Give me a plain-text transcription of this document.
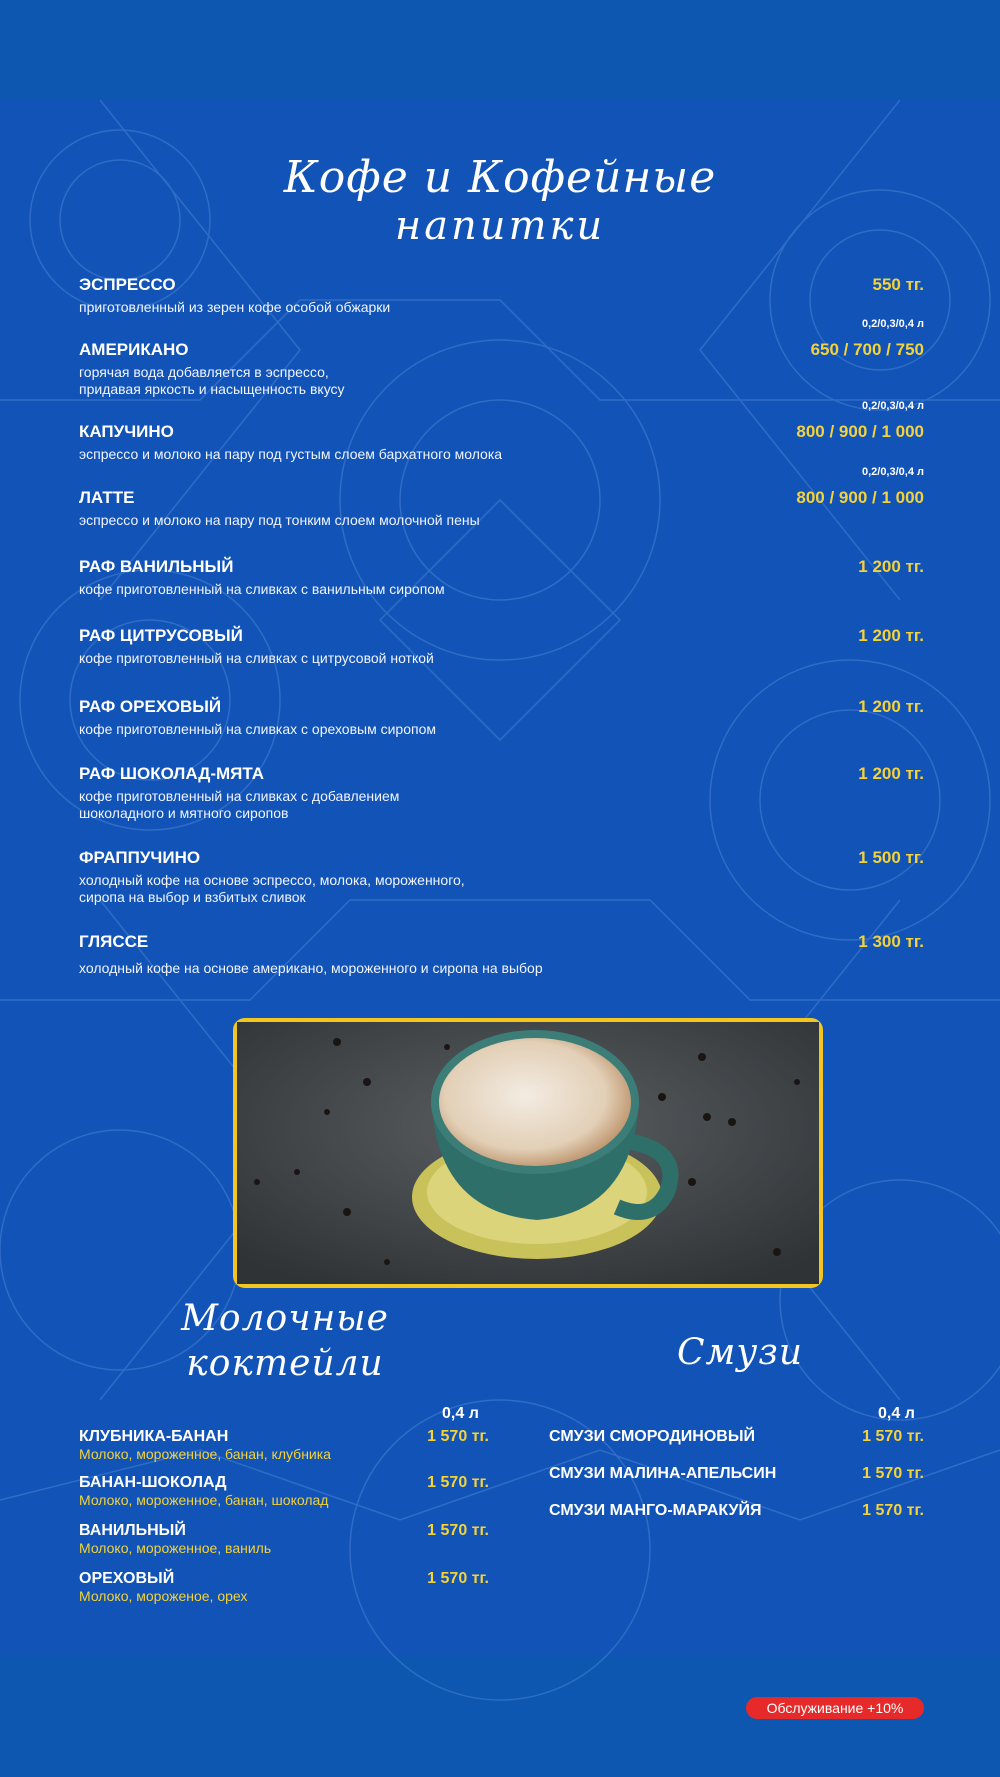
Кофе и Кофейные
напитки
ЭСПРЕССО
приготовленный из зерен кофе особой обжарки
550 тг.
0,2/0,3/0,4 л
АМЕРИКАНО
горячая вода добавляется в эспрессо,
придавая яркость и насыщенность вкусу
650 / 700 / 750
0,2/0,3/0,4 л
КАПУЧИНО
эспрессо и молоко на пару под густым слоем бархатного молока
800 / 900 / 1 000
0,2/0,3/0,4 л
ЛАТТЕ
эспрессо и молоко на пару под тонким слоем молочной пены
800 / 900 / 1 000
РАФ ВАНИЛЬНЫЙ
кофе приготовленный на сливках с ванильным сиропом
1 200 тг.
РАФ ЦИТРУСОВЫЙ
кофе приготовленный на сливках с цитрусовой ноткой
1 200 тг.
РАФ ОРЕХОВЫЙ
кофе приготовленный на сливках с ореховым сиропом
1 200 тг.
РАФ ШОКОЛАД-МЯТА
кофе приготовленный на сливках с добавлением
шоколадного и мятного сиропов
1 200 тг.
ФРАППУЧИНО
холодный кофе на основе эспрессо, молока, мороженного,
сиропа на выбор и взбитых сливок
1 500 тг.
ГЛЯССЕ
холодный кофе на основе американо, мороженного и сиропа на выбор
1 300 тг.
Молочные
коктейли	Смузи
0,4 л	0,4 л
КЛУБНИКА-БАНАН
Молоко, мороженное, банан, клубника
1 570 тг.
БАНАН-ШОКОЛАД
Молоко, мороженное, банан, шоколад
1 570 тг.
ВАНИЛЬНЫЙ
Молоко, мороженное, ваниль
1 570 тг.
ОРЕХОВЫЙ
Молоко, мороженое, орех
1 570 тг.
СМУЗИ СМОРОДИНОВЫЙ	1 570 тг.
СМУЗИ МАЛИНА-АПЕЛЬСИН	1 570 тг.
СМУЗИ МАНГО-МАРАКУЙЯ	1 570 тг.
Обслуживание +10%
